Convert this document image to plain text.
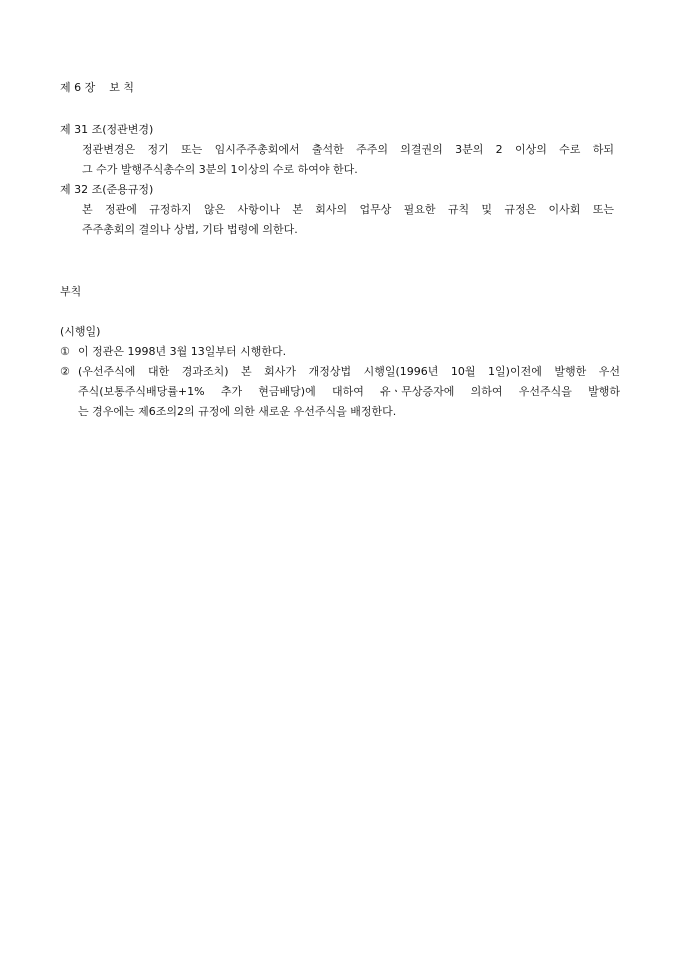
제 6 장    보 칙
제 31 조(정관변경)
정관변경은 정기 또는 임시주주총회에서 출석한 주주의 의결권의 3분의 2 이상의 수로 하되
그 수가 발행주식총수의 3분의 1이상의 수로 하여야 한다.
제 32 조(준용규정)
본 정관에 규정하지 않은 사항이나 본 회사의 업무상 필요한 규칙 및 규정은 이사회 또는
주주총회의 결의나 상법, 기타 법령에 의한다.
부칙
(시행일)
① 이 정관은 1998년 3월 13일부터 시행한다.
② (우선주식에 대한 경과조치) 본 회사가 개정상법 시행일(1996년 10월 1일)이전에 발행한 우선
주식(보통주식배당률+1% 추가 현금배당)에 대하여 유ㆍ무상증자에 의하여 우선주식을 발행하
는 경우에는 제6조의2의 규정에 의한 새로운 우선주식을 배정한다.
